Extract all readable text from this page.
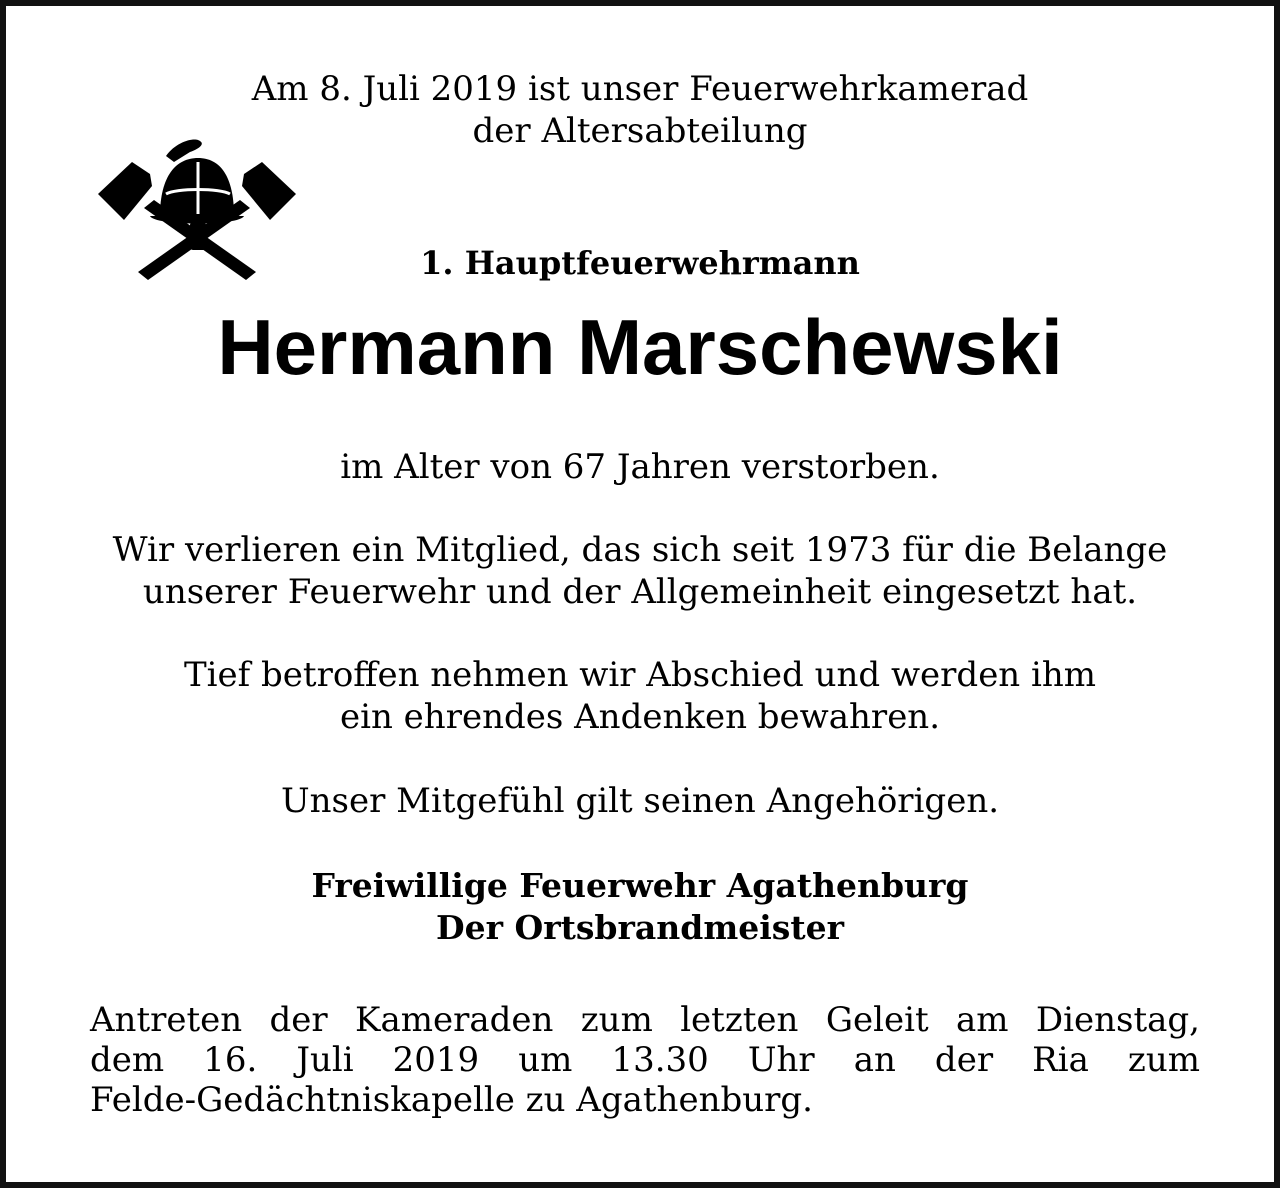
Am 8. Juli 2019 ist unser Feuerwehrkamerad
der Altersabteilung
1. Hauptfeuerwehrmann
Hermann Marschewski
im Alter von 67 Jahren verstorben.
Wir verlieren ein Mitglied, das sich seit 1973 für die Belange
unserer Feuerwehr und der Allgemeinheit eingesetzt hat.
Tief betroffen nehmen wir Abschied und werden ihm
ein ehrendes Andenken bewahren.
Unser Mitgefühl gilt seinen Angehörigen.
Freiwillige Feuerwehr Agathenburg
Der Ortsbrandmeister
Antreten der Kameraden zum letzten Geleit am Dienstag,
dem 16. Juli 2019 um 13.30 Uhr an der Ria zum
Felde-Gedächtniskapelle zu Agathenburg.
